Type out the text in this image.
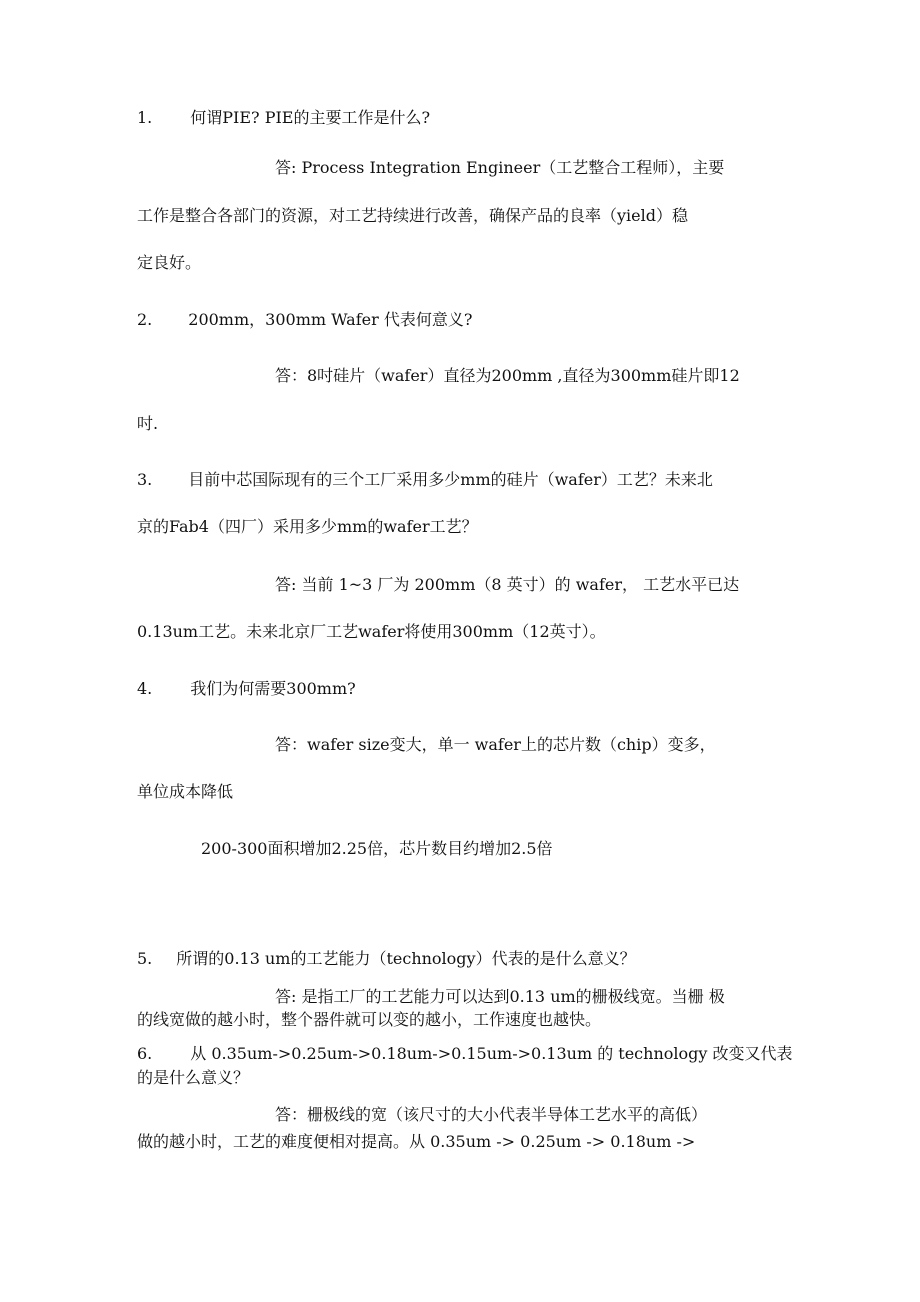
1. 何谓PIE? PIE的主要工作是什么?
答: Process Integration Engineer（工艺整合工程师），主要
工作是整合各部门的资源，对工艺持续进行改善，确保产品的良率（yield）稳
定良好。
2. 200mm，300mm Wafer 代表何意义?
答：8吋硅片（wafer）直径为200mm ,直径为300mm硅片即12
吋.
3. 目前中芯国际现有的三个工厂采用多少mm的硅片（wafer）工艺？未来北
京的Fab4（四厂）采用多少mm的wafer工艺？
答: 当前 1~3 厂为 200mm（8 英寸）的 wafer， 工艺水平已达
0.13um工艺。未来北京厂工艺wafer将使用300mm（12英寸）。
4. 我们为何需要300mm?
答：wafer size变大，单一 wafer上的芯片数（chip）变多，
单位成本降低
200-300面积增加2.25倍，芯片数目约增加2.5倍
5. 所谓的0.13 um的工艺能力（technology）代表的是什么意义？
答: 是指工厂的工艺能力可以达到0.13 um的栅极线宽。当栅 极
的线宽做的越小时，整个器件就可以变的越小，工作速度也越快。
6. 从 0.35um->0.25um->0.18um->0.15um->0.13um 的 technology 改变又代表
的是什么意义？
答：栅极线的宽（该尺寸的大小代表半导体工艺水平的高低）
做的越小时，工艺的难度便相对提高。从 0.35um -> 0.25um -> 0.18um ->
